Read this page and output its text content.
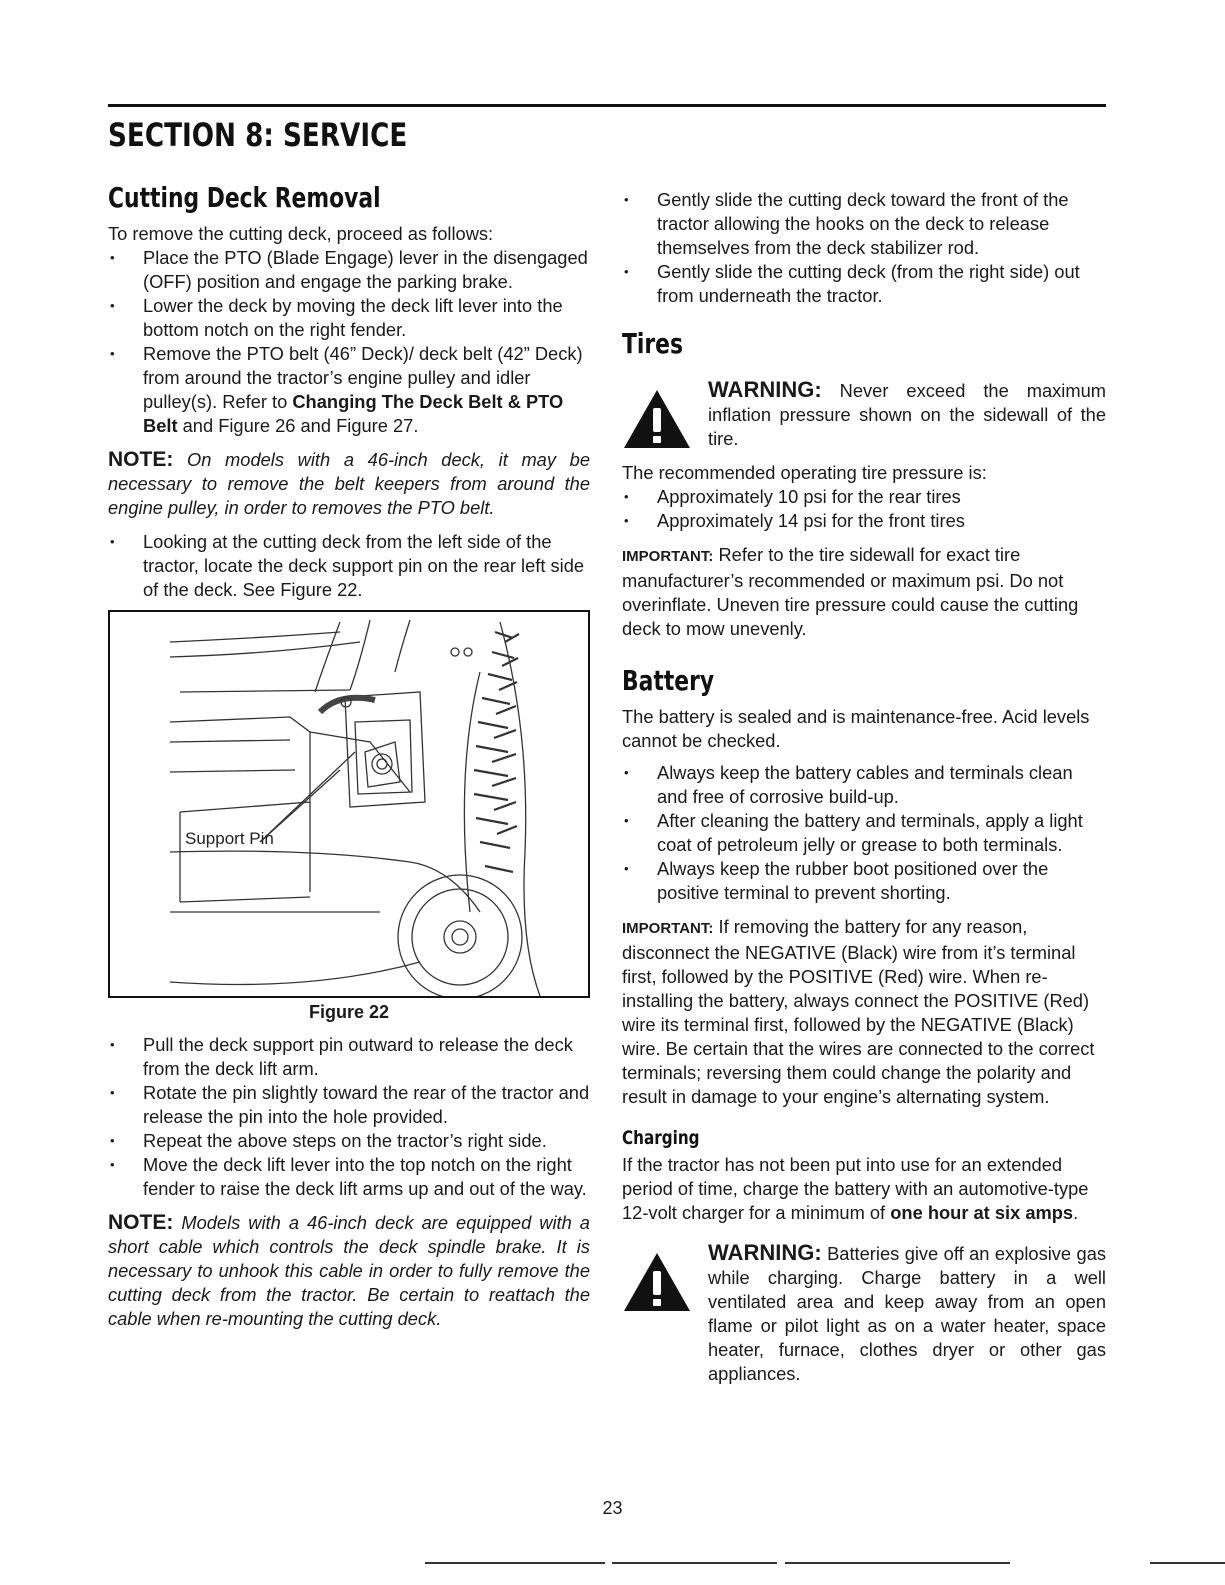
SECTION 8: SERVICE
Cutting Deck Removal

To remove the cutting deck, proceed as follows:

• Place the PTO (Blade Engage) lever in the disengaged (OFF) position and engage the parking brake.
• Lower the deck by moving the deck lift lever into the bottom notch on the right fender.
• Remove the PTO belt (46” Deck)/ deck belt (42” Deck) from around the tractor’s engine pulley and idler pulley(s). Refer to Changing The Deck Belt & PTO Belt and Figure 26 and Figure 27.
NOTE: On models with a 46-inch deck, it may be necessary to remove the belt keepers from around the engine pulley, in order to removes the PTO belt.
• Looking at the cutting deck from the left side of the tractor, locate the deck support pin on the rear left side of the deck. See Figure 22.
Support Pin
Figure 22
• Pull the deck support pin outward to release the deck from the deck lift arm.
• Rotate the pin slightly toward the rear of the tractor and release the pin into the hole provided.
• Repeat the above steps on the tractor’s right side.
• Move the deck lift lever into the top notch on the right fender to raise the deck lift arms up and out of the way.
NOTE: Models with a 46-inch deck are equipped with a short cable which controls the deck spindle brake. It is necessary to unhook this cable in order to fully remove the cutting deck from the tractor. Be certain to reattach the cable when re-mounting the cutting deck.
• Gently slide the cutting deck toward the front of the tractor allowing the hooks on the deck to release themselves from the deck stabilizer rod.
• Gently slide the cutting deck (from the right side) out from underneath the tractor.
Tires

WARNING: Never exceed the maximum inflation pressure shown on the sidewall of the tire.

The recommended operating tire pressure is:

• Approximately 10 psi for the rear tires
• Approximately 14 psi for the front tires

IMPORTANT: Refer to the tire sidewall for exact tire manufacturer’s recommended or maximum psi. Do not overinflate. Uneven tire pressure could cause the cutting deck to mow unevenly.

Battery

The battery is sealed and is maintenance-free. Acid levels cannot be checked.

• Always keep the battery cables and terminals clean and free of corrosive build-up.
• After cleaning the battery and terminals, apply a light coat of petroleum jelly or grease to both terminals.
• Always keep the rubber boot positioned over the positive terminal to prevent shorting.

IMPORTANT: If removing the battery for any reason, disconnect the NEGATIVE (Black) wire from it’s terminal first, followed by the POSITIVE (Red) wire. When re-installing the battery, always connect the POSITIVE (Red) wire its terminal first, followed by the NEGATIVE (Black) wire. Be certain that the wires are connected to the correct terminals; reversing them could change the polarity and result in damage to your engine’s alternating system.

Charging

If the tractor has not been put into use for an extended period of time, charge the battery with an automotive-type 12-volt charger for a minimum of one hour at six amps.

WARNING: Batteries give off an explosive gas while charging. Charge battery in a well ventilated area and keep away from an open flame or pilot light as on a water heater, space heater, furnace, clothes dryer or other gas appliances.

23
